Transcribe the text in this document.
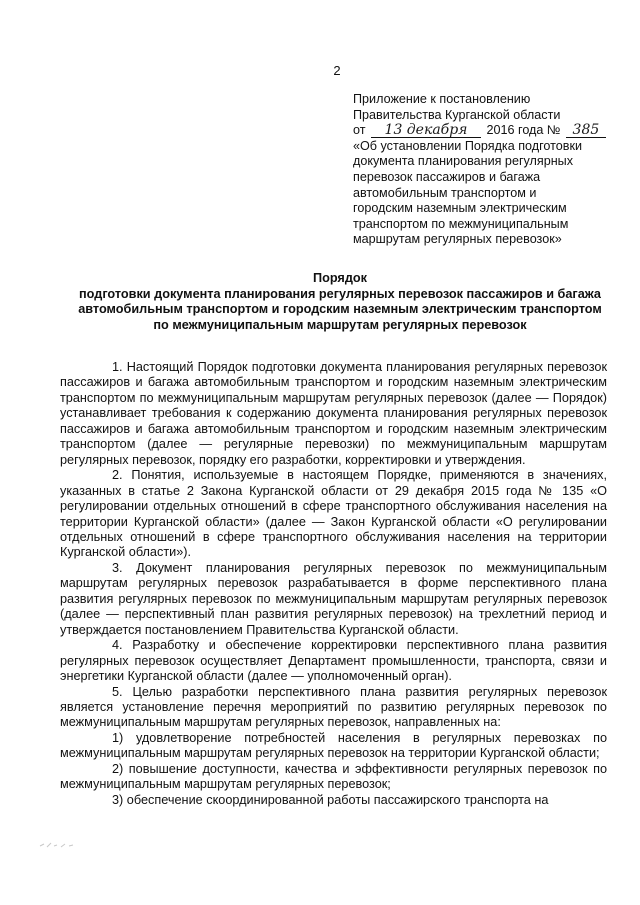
2
Приложение к постановлению
Правительства Курганской области
от 13 декабря 2016 года № 385
«Об установлении Порядка подготовки
документа планирования регулярных
перевозок пассажиров и багажа
автомобильным транспортом и
городским наземным электрическим
транспортом по межмуниципальным
маршрутам регулярных перевозок»
Порядок
подготовки документа планирования регулярных перевозок пассажиров и багажа
автомобильным транспортом и городским наземным электрическим транспортом
по межмуниципальным маршрутам регулярных перевозок

1. Настоящий Порядок подготовки документа планирования регулярных перевозок пассажиров и багажа автомобильным транспортом и городским наземным электрическим транспортом по межмуниципальным маршрутам регулярных перевозок (далее — Порядок) устанавливает требования к содержанию документа планирования регулярных перевозок пассажиров и багажа автомобильным транспортом и городским наземным электрическим транспортом (далее — регулярные перевозки) по межмуниципальным маршрутам регулярных перевозок, порядку его разработки, корректировки и утверждения.

2. Понятия, используемые в настоящем Порядке, применяются в значениях, указанных в статье 2 Закона Курганской области от 29 декабря 2015 года № 135 «О регулировании отдельных отношений в сфере транспортного обслуживания населения на территории Курганской области» (далее — Закон Курганской области «О регулировании отдельных отношений в сфере транспортного обслуживания населения на территории Курганской области»).

3. Документ планирования регулярных перевозок по межмуниципальным маршрутам регулярных перевозок разрабатывается в форме перспективного плана развития регулярных перевозок по межмуниципальным маршрутам регулярных перевозок (далее — перспективный план развития регулярных перевозок) на трехлетний период и утверждается постановлением Правительства Курганской области.

4. Разработку и обеспечение корректировки перспективного плана развития регулярных перевозок осуществляет Департамент промышленности, транспорта, связи и энергетики Курганской области (далее — уполномоченный орган).

5. Целью разработки перспективного плана развития регулярных перевозок является установление перечня мероприятий по развитию регулярных перевозок по межмуниципальным маршрутам регулярных перевозок, направленных на:

1) удовлетворение потребностей населения в регулярных перевозках по межмуниципальным маршрутам регулярных перевозок на территории Курганской области;

2) повышение доступности, качества и эффективности регулярных перевозок по межмуниципальным маршрутам регулярных перевозок;

3) обеспечение скоординированной работы пассажирского транспорта на
